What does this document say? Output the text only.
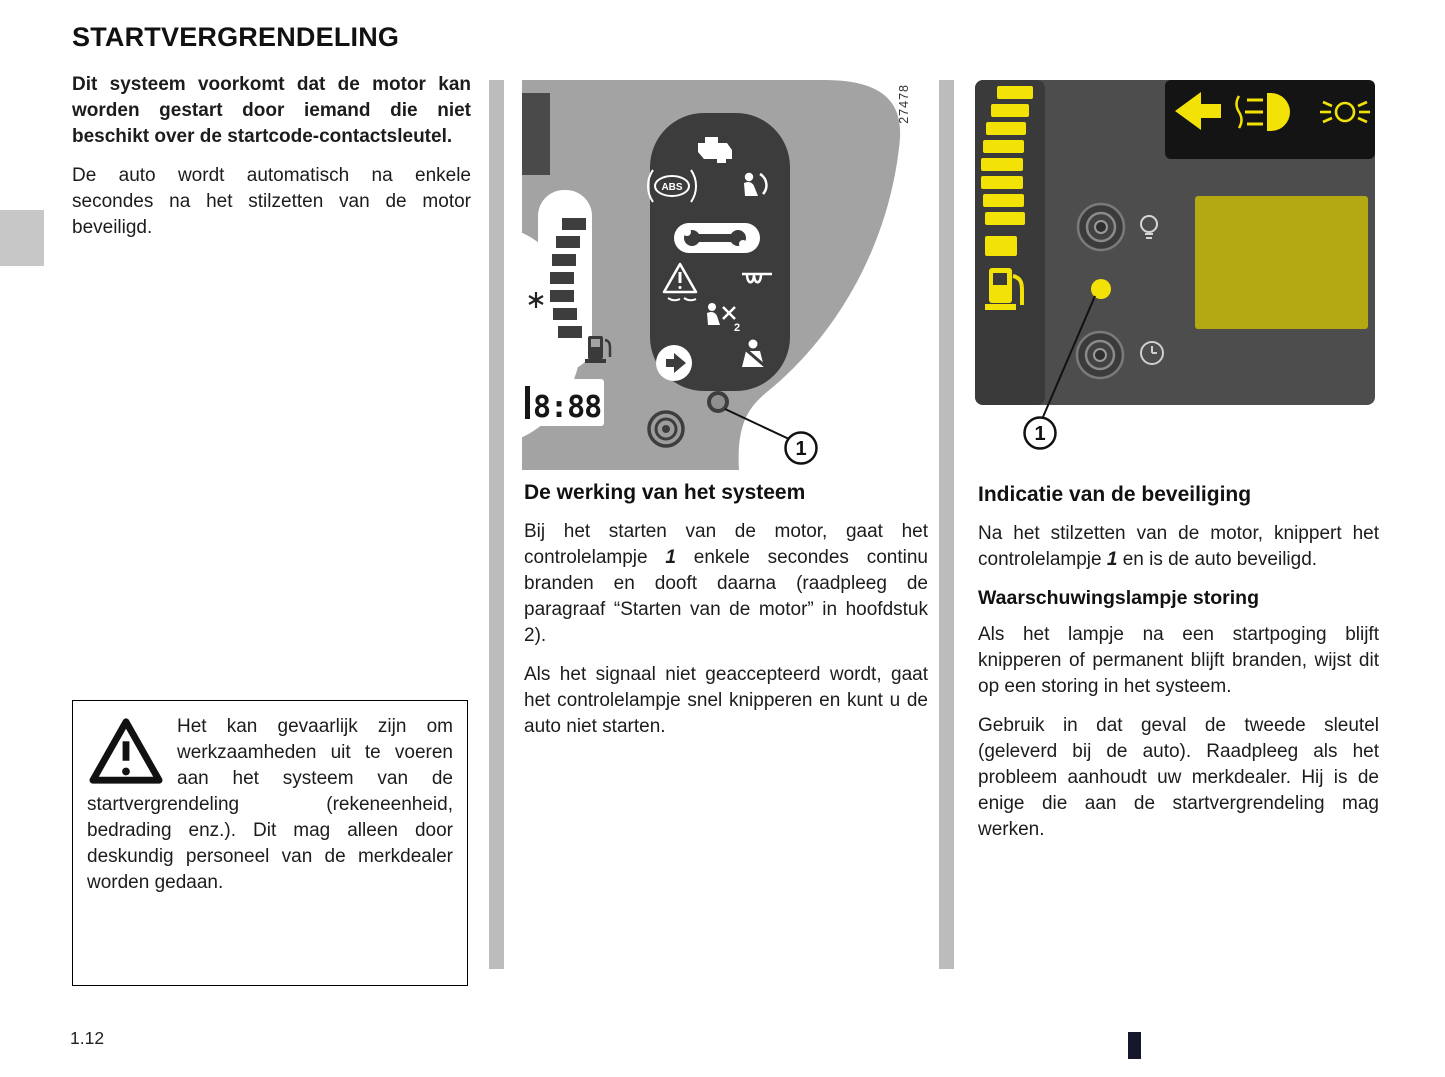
STARTVERGRENDELING

Dit systeem voorkomt dat de motor kan worden gestart door iemand die niet beschikt over de startcode-contactsleutel.

De auto wordt automatisch na enkele secondes na het stilzetten van de motor beveiligd.

8:88
ABS
2
1
27478
1
De werking van het systeem

Bij het starten van de motor, gaat het controlelampje 1 enkele secondes continu branden en dooft daarna (raadpleeg de paragraaf “Starten van de motor” in hoofdstuk 2).

Als het signaal niet geaccepteerd wordt, gaat het controlelampje snel knipperen en kunt u de auto niet starten.

Indicatie van de beveiliging

Na het stilzetten van de motor, knippert het controlelampje 1 en is de auto beveiligd.

Waarschuwingslampje storing

Als het lampje na een startpoging blijft knipperen of permanent blijft branden, wijst dit op een storing in het systeem.

Gebruik in dat geval de tweede sleutel (geleverd bij de auto). Raadpleeg als het probleem aanhoudt uw merkdealer. Hij is de enige die aan de startvergrendeling mag werken.

Het kan gevaarlijk zijn om werkzaamheden uit te voeren aan het systeem van de startvergrendeling (rekeneenheid, bedrading enz.). Dit mag alleen door deskundig personeel van de merkdealer worden gedaan.

1.12
